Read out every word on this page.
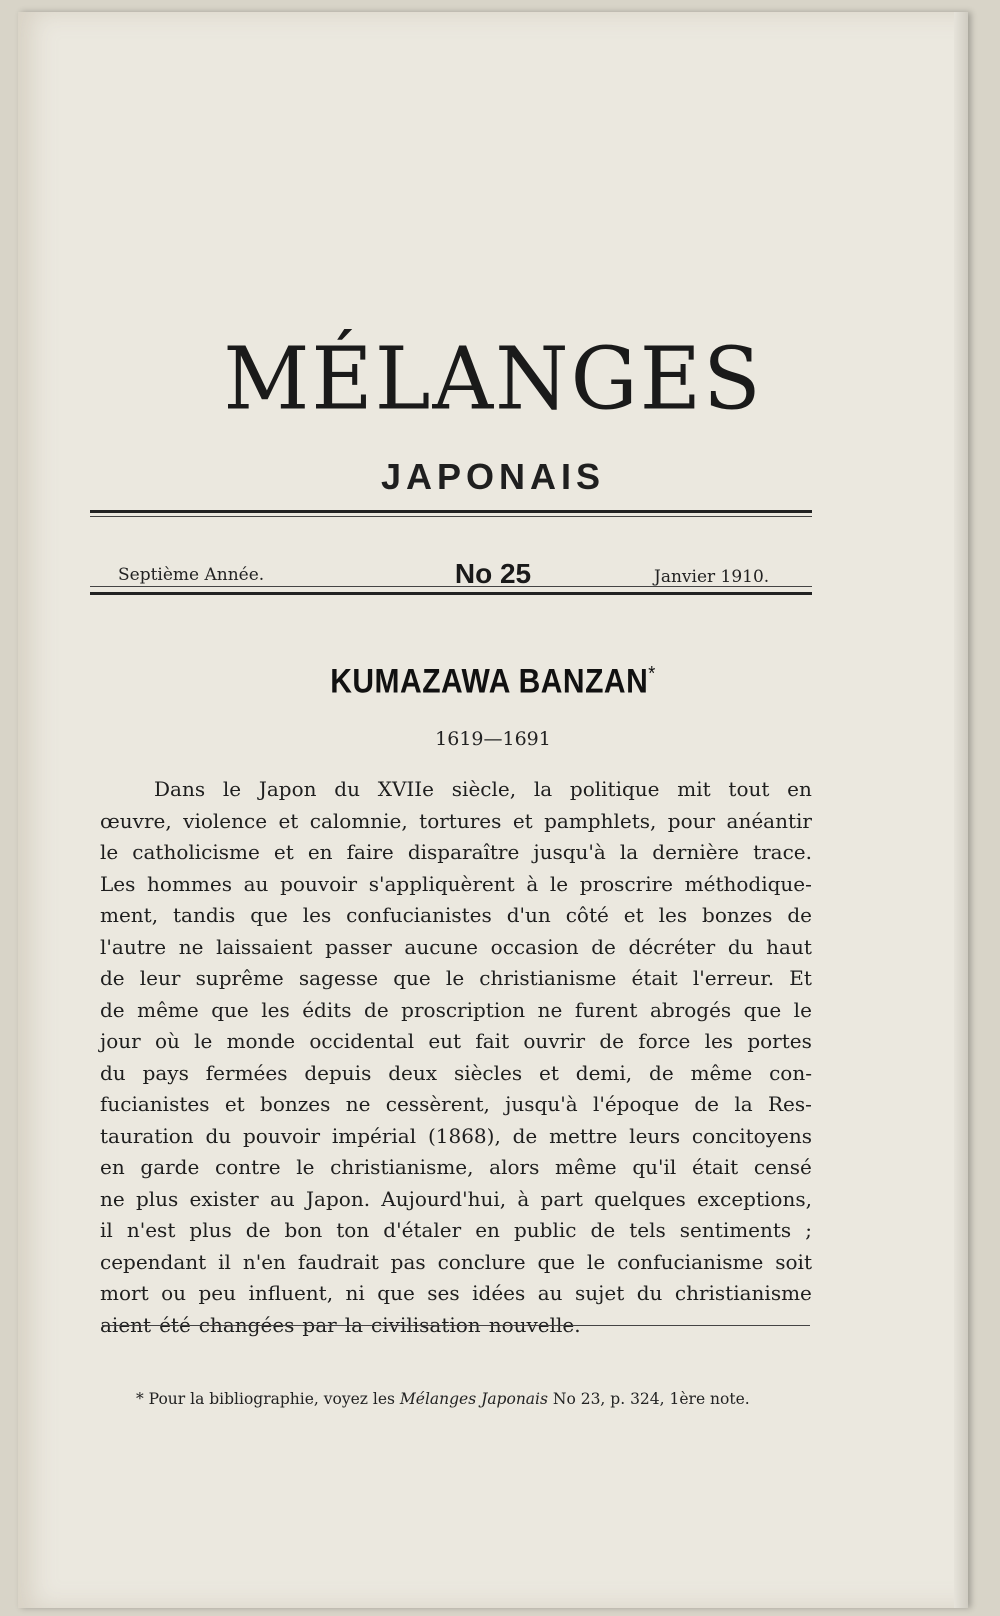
MÉLANGES
JAPONAIS
Septième Année.	No 25	Janvier 1910.
KUMAZAWA BANZAN*
1619—1691
Dans le Japon du XVIIe siècle, la politique mit tout en
œuvre, violence et calomnie, tortures et pamphlets, pour anéantir
le catholicisme et en faire disparaître jusqu'à la dernière trace.
Les hommes au pouvoir s'appliquèrent à le proscrire méthodique-
ment, tandis que les confucianistes d'un côté et les bonzes de
l'autre ne laissaient passer aucune occasion de décréter du haut
de leur suprême sagesse que le christianisme était l'erreur. Et
de même que les édits de proscription ne furent abrogés que le
jour où le monde occidental eut fait ouvrir de force les portes
du pays fermées depuis deux siècles et demi, de même con-
fucianistes et bonzes ne cessèrent, jusqu'à l'époque de la Res-
tauration du pouvoir impérial (1868), de mettre leurs concitoyens
en garde contre le christianisme, alors même qu'il était censé
ne plus exister au Japon. Aujourd'hui, à part quelques exceptions,
il n'est plus de bon ton d'étaler en public de tels sentiments ;
cependant il n'en faudrait pas conclure que le confucianisme soit
mort ou peu influent, ni que ses idées au sujet du christianisme
aient été changées par la civilisation nouvelle.
* Pour la bibliographie, voyez les Mélanges Japonais No 23, p. 324, 1ère note.
